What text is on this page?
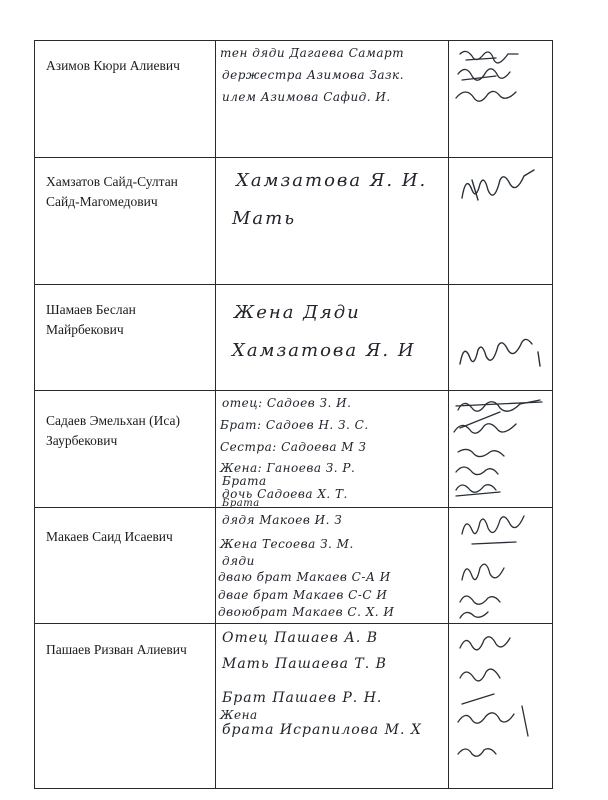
Азимов Кюри Алиевич
тен дяди Дагаева Самарт
держестра Азимова Зазк.
илем Азимова Сафид. И.
Хамзатов Сайд-Султан Сайд-Магомедович
Хамзатова Я. И.
Мать
Шамаев Беслан Майрбекович
Жена Дяди
Хамзатова Я. И
Садаев Эмельхан (Иса) Заурбекович
отец: Садоев З. И.
Брат: Садоев Н. З. С.
Сестра: Садоева М З
Жена: Ганоева З. Р.
Брата
дочь Садоева Х. Т.
Брата
Макаев Саид Исаевич
дядя Макоев И. З
Жена Тесоева З. М.
дяди
дваю брат Макаев С-А И
двае брат Макаев С-С И
двоюбрат Макаев С. Х. И
Пашаев Ризван Алиевич
Отец Пашаев А. В
Мать Пашаева Т. В
Брат Пашаев Р. Н.
Жена
брата Исрапилова М. Х
